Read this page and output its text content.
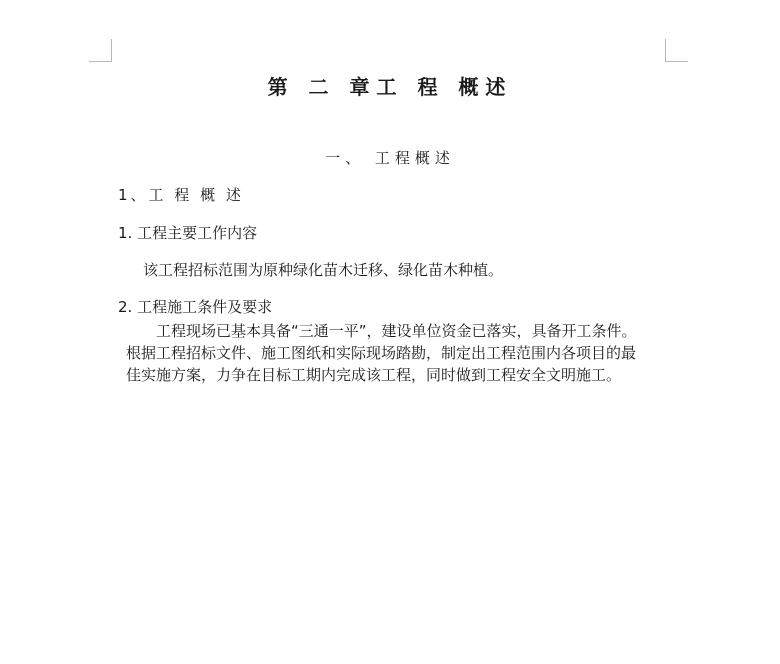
第 二 章工 程 概述
一、 工程概述
1、工 程 概 述
1. 工程主要工作内容
该工程招标范围为原种绿化苗木迁移、绿化苗木种植。
2. 工程施工条件及要求
工程现场已基本具备“三通一平”，建设单位资金已落实，具备开工条件。
根据工程招标文件、施工图纸和实际现场踏勘，制定出工程范围内各项目的最
佳实施方案，力争在目标工期内完成该工程，同时做到工程安全文明施工。
